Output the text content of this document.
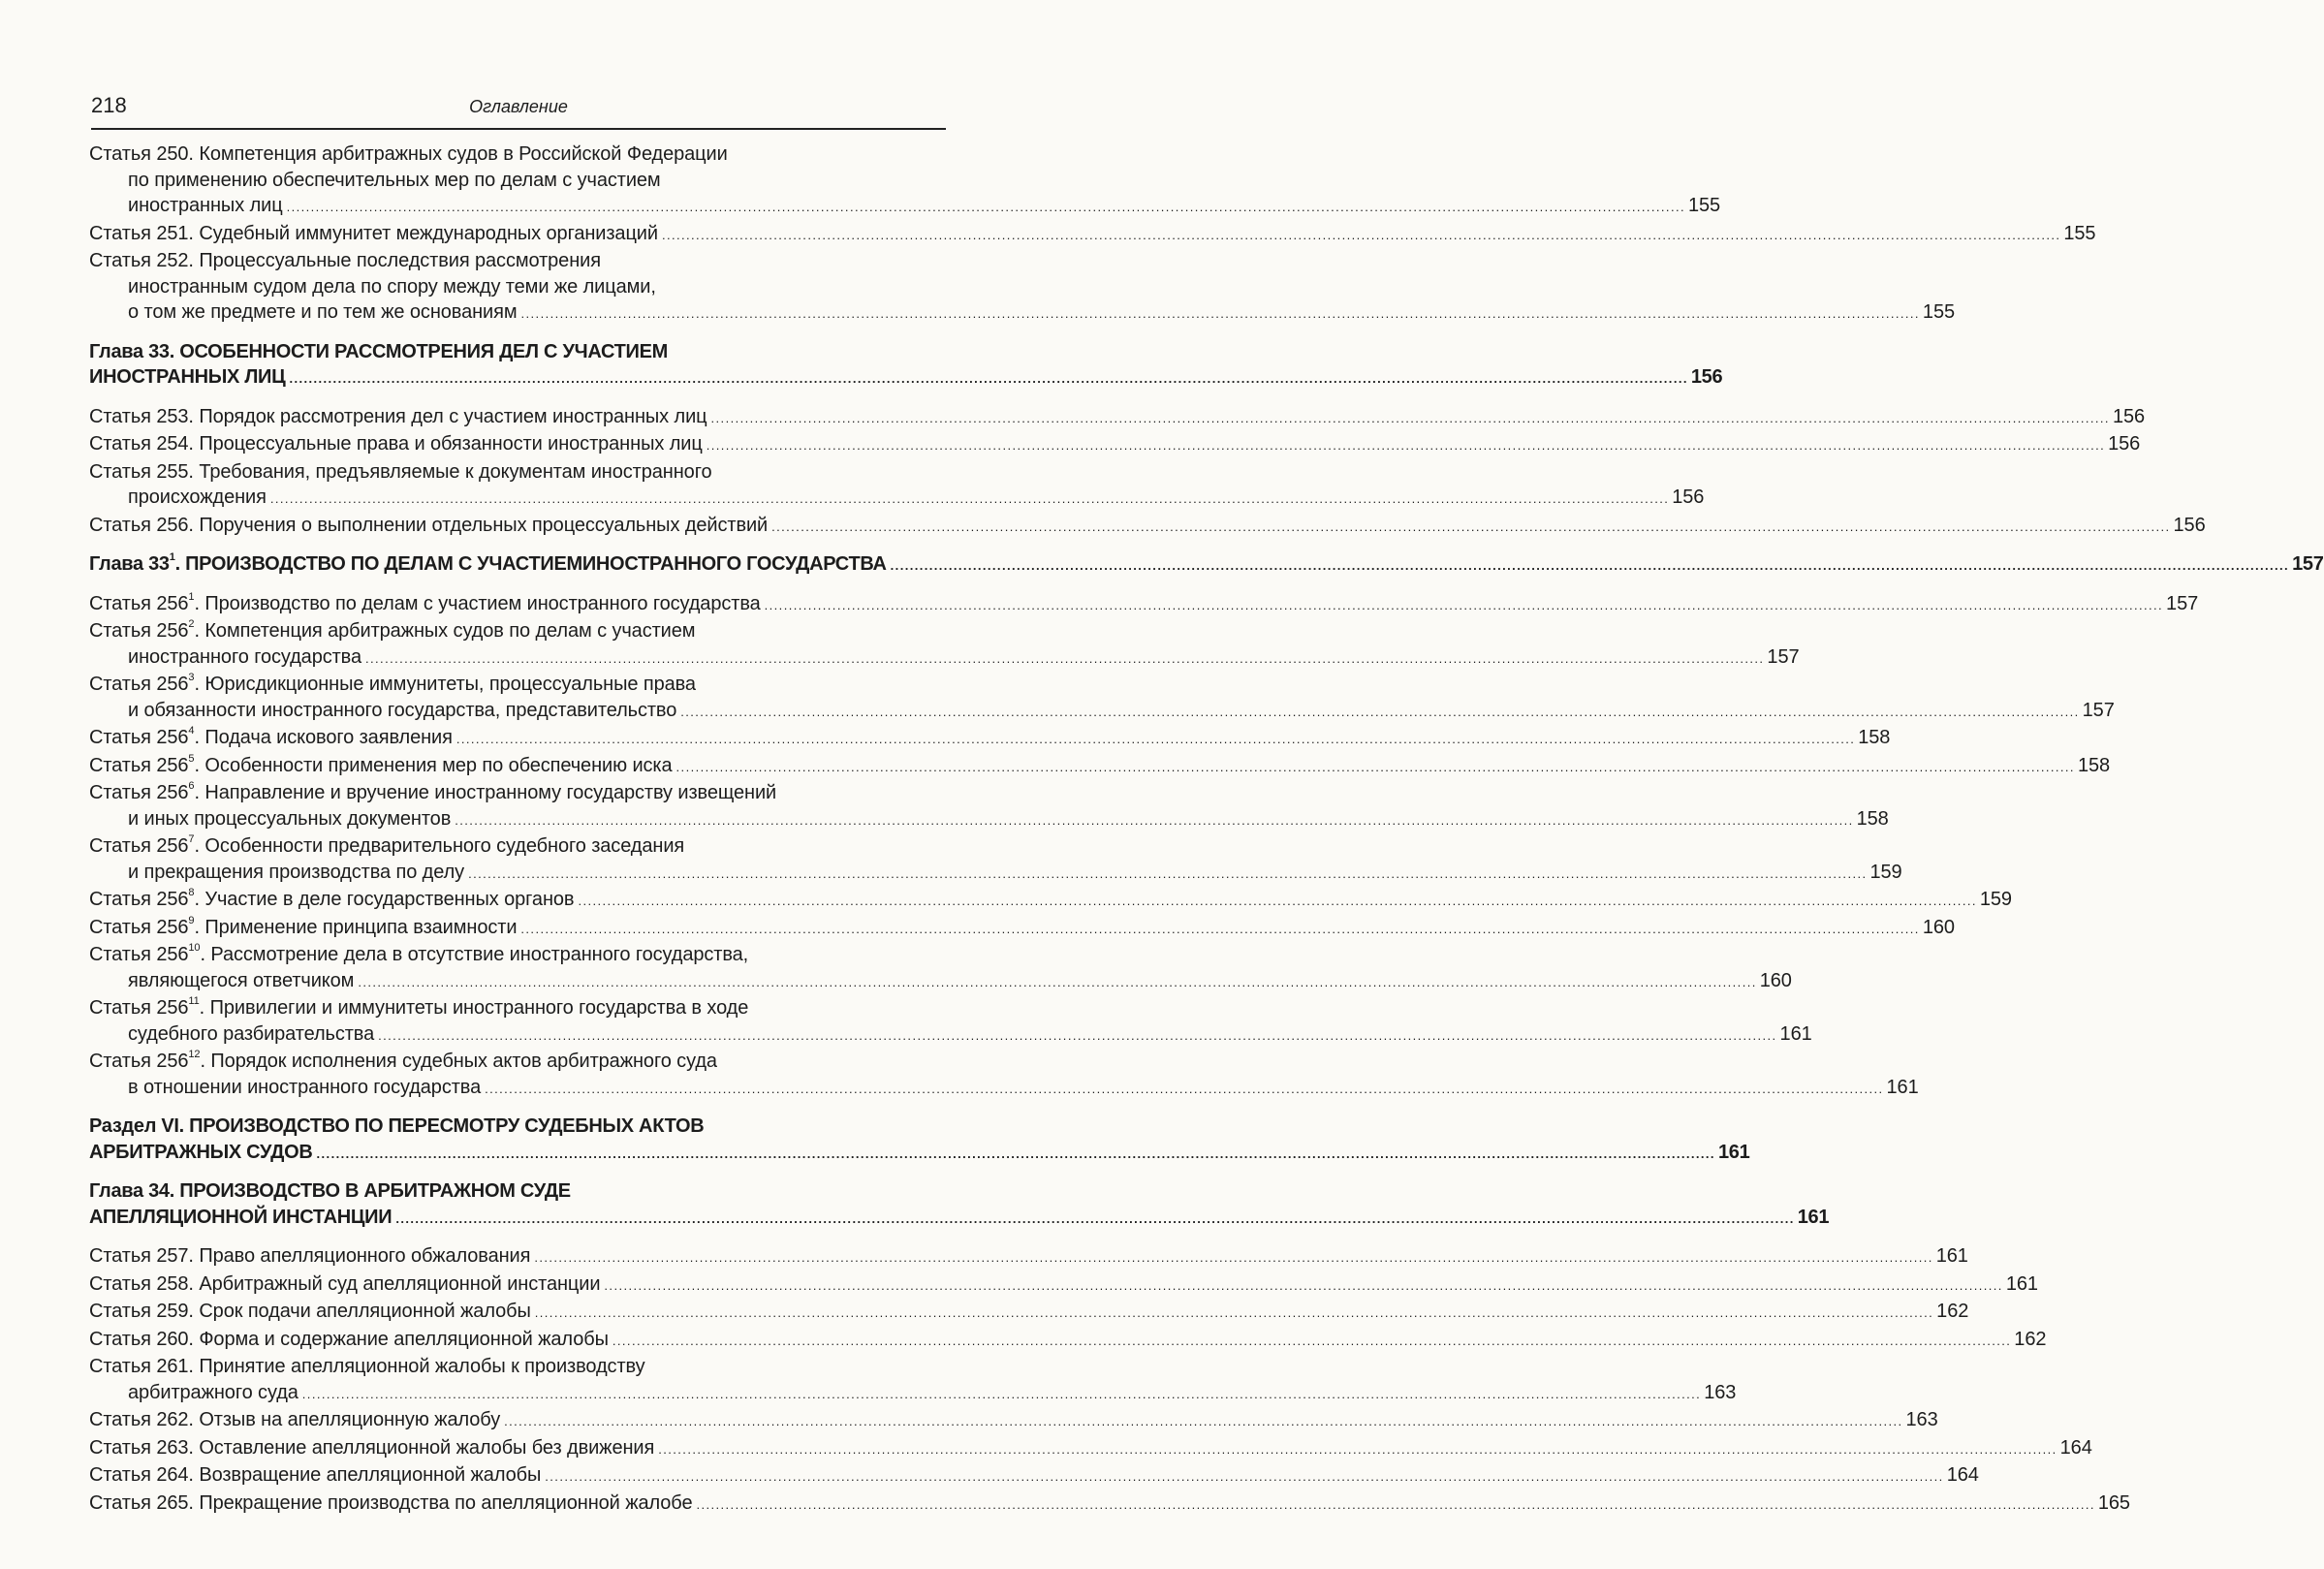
218	Оглавление
Статья 250. Компетенция арбитражных судов в Российской Федерации
по применению обеспечительных мер по делам с участием
иностранных лиц .....	155
Статья 251. Судебный иммунитет международных организаций .....	155
Статья 252. Процессуальные последствия рассмотрения
иностранным судом дела по спору между теми же лицами,
о том же предмете и по тем же основаниям .....	155
Глава 33. ОСОБЕННОСТИ РАССМОТРЕНИЯ ДЕЛ С УЧАСТИЕМ
ИНОСТРАННЫХ ЛИЦ .....	156
Статья 253. Порядок рассмотрения дел с участием иностранных лиц .....	156
Статья 254. Процессуальные права и обязанности иностранных лиц .....	156
Статья 255. Требования, предъявляемые к документам иностранного
происхождения .....	156
Статья 256. Поручения о выполнении отдельных процессуальных действий .....	156
Глава $33^1$. ПРОИЗВОДСТВО ПО ДЕЛАМ С УЧАСТИЕМИНОСТРАННОГО ГОСУДАРСТВА .....	157
Статья $256^1$. Производство по делам с участием иностранного государства .....	157
Статья $256^2$. Компетенция арбитражных судов по делам с участием
иностранного государства .....	157
Статья $256^3$. Юрисдикционные иммунитеты, процессуальные права
и обязанности иностранного государства, представительство .....	157
Статья $256^4$. Подача искового заявления .....	158
Статья $256^5$. Особенности применения мер по обеспечению иска .....	158
Статья $256^6$. Направление и вручение иностранному государству извещений
и иных процессуальных документов .....	158
Статья $256^7$. Особенности предварительного судебного заседания
и прекращения производства по делу .....	159
Статья $256^8$. Участие в деле государственных органов .....	159
Статья $256^9$. Применение принципа взаимности .....	160
Статья $256^{10}$. Рассмотрение дела в отсутствие иностранного государства,
являющегося ответчиком .....	160
Статья $256^{11}$. Привилегии и иммунитеты иностранного государства в ходе
судебного разбирательства .....	161
Статья $256^{12}$. Порядок исполнения судебных актов арбитражного суда
в отношении иностранного государства .....	161
Раздел VI. ПРОИЗВОДСТВО ПО ПЕРЕСМОТРУ СУДЕБНЫХ АКТОВ
АРБИТРАЖНЫХ СУДОВ .....	161
Глава 34. ПРОИЗВОДСТВО В АРБИТРАЖНОМ СУДЕ
АПЕЛЛЯЦИОННОЙ ИНСТАНЦИИ .....	161
Статья 257. Право апелляционного обжалования .....	161
Статья 258. Арбитражный суд апелляционной инстанции .....	161
Статья 259. Срок подачи апелляционной жалобы .....	162
Статья 260. Форма и содержание апелляционной жалобы .....	162
Статья 261. Принятие апелляционной жалобы к производству
арбитражного суда .....	163
Статья 262. Отзыв на апелляционную жалобу .....	163
Статья 263. Оставление апелляционной жалобы без движения .....	164
Статья 264. Возвращение апелляционной жалобы .....	164
Статья 265. Прекращение производства по апелляционной жалобе .....	165
